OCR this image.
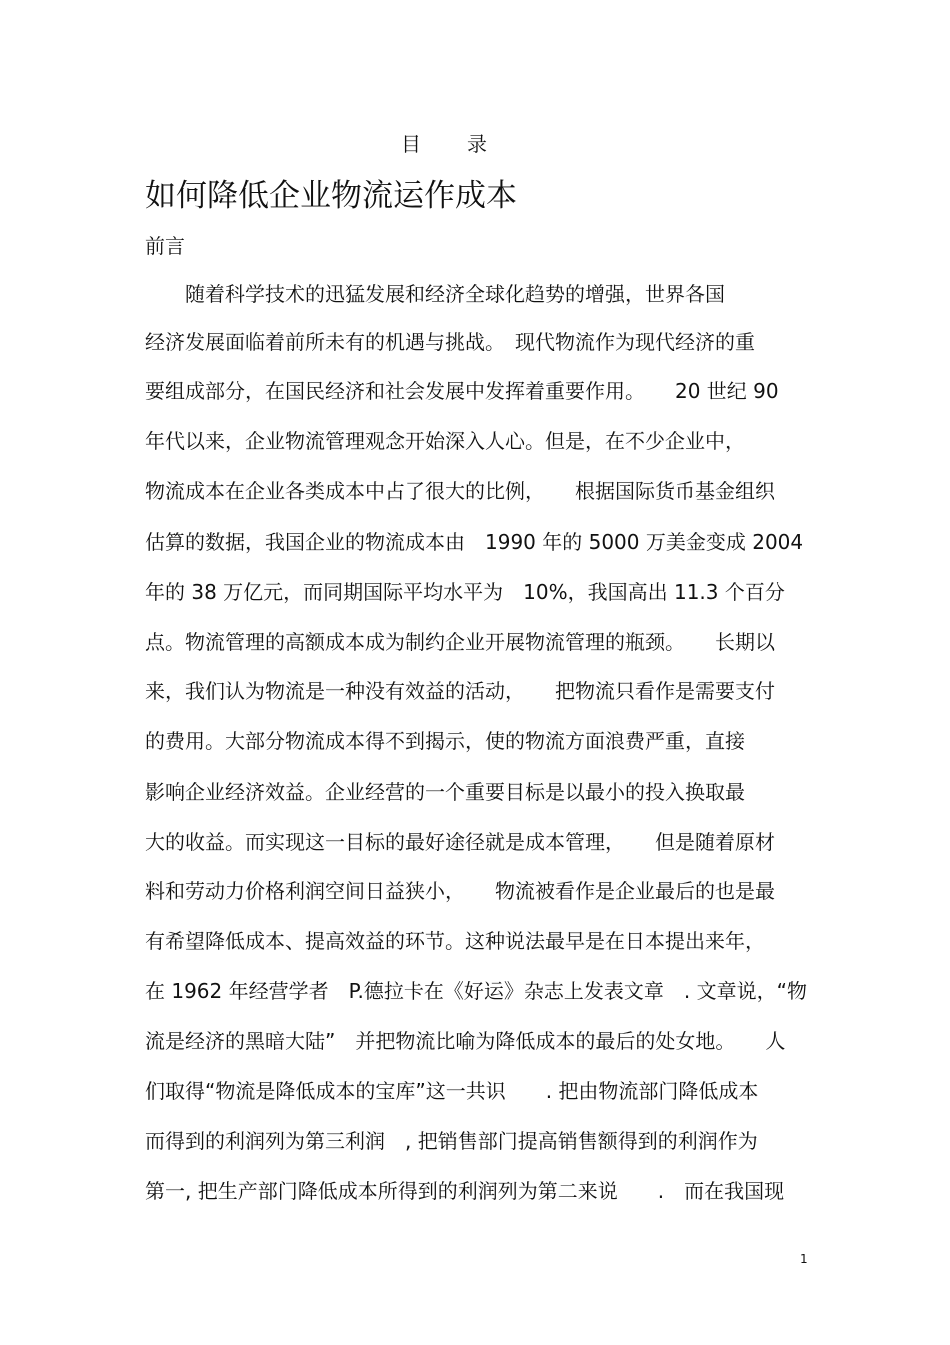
目　　录
如何降低企业物流运作成本
前言
　　随着科学技术的迅猛发展和经济全球化趋势的增强，世界各国
经济发展面临着前所未有的机遇与挑战。　现代物流作为现代经济的重
要组成部分，在国民经济和社会发展中发挥着重要作用。　　20 世纪 90
年代以来，企业物流管理观念开始深入人心。但是，在不少企业中，
物流成本在企业各类成本中占了很大的比例，　　根据国际货币基金组织
估算的数据，我国企业的物流成本由　1990 年的 5000 万美金变成 2004
年的 38 万亿元，而同期国际平均水平为　10%，我国高出 11.3 个百分
点。物流管理的高额成本成为制约企业开展物流管理的瓶颈。　　长期以
来，我们认为物流是一种没有效益的活动，　　把物流只看作是需要支付
的费用。大部分物流成本得不到揭示，使的物流方面浪费严重，直接
影响企业经济效益。企业经营的一个重要目标是以最小的投入换取最
大的收益。而实现这一目标的最好途径就是成本管理，　　但是随着原材
料和劳动力价格利润空间日益狭小，　　物流被看作是企业最后的也是最
有希望降低成本、提高效益的环节。这种说法最早是在日本提出来年，
在 1962 年经营学者　P.德拉卡在《好运》杂志上发表文章　. 文章说，“物
流是经济的黑暗大陆”　并把物流比喻为降低成本的最后的处女地。　　人
们取得“物流是降低成本的宝库”这一共识　　. 把由物流部门降低成本
而得到的利润列为第三利润　, 把销售部门提高销售额得到的利润作为
第一, 把生产部门降低成本所得到的利润列为第二来说　　.　而在我国现
1
